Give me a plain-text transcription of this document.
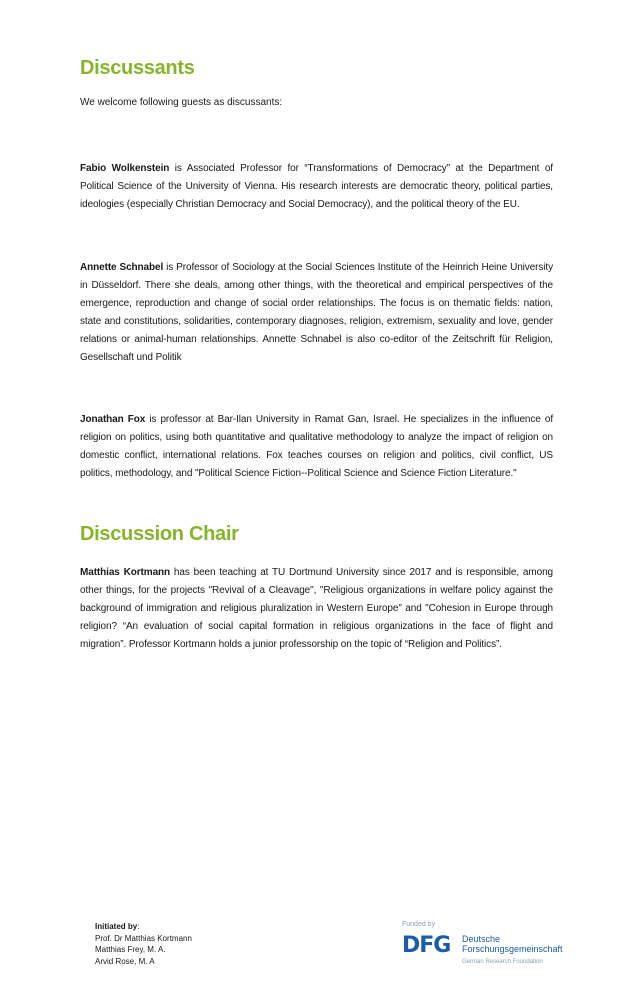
Discussants

We welcome following guests as discussants:

Fabio Wolkenstein is Associated Professor for “Transformations of Democracy” at the Department of Political Science of the University of Vienna. His research interests are democratic theory, political parties, ideologies (especially Christian Democracy and Social Democracy), and the political theory of the EU.

Annette Schnabel is Professor of Sociology at the Social Sciences Institute of the Heinrich Heine University in Düsseldorf. There she deals, among other things, with the theoretical and empirical perspectives of the emergence, reproduction and change of social order relationships. The focus is on thematic fields: nation, state and constitutions, solidarities, contemporary diagnoses, religion, extremism, sexuality and love, gender relations or animal-human relationships. Annette Schnabel is also co-editor of the Zeitschrift für Religion, Gesellschaft und Politik

Jonathan Fox is professor at Bar-Ilan University in Ramat Gan, Israel. He specializes in the influence of religion on politics, using both quantitative and qualitative methodology to analyze the impact of religion on domestic conflict, international relations. Fox teaches courses on religion and politics, civil conflict, US politics, methodology, and "Political Science Fiction--Political Science and Science Fiction Literature."

Discussion Chair

Matthias Kortmann has been teaching at TU Dortmund University since 2017 and is responsible, among other things, for the projects "Revival of a Cleavage", "Religious organizations in welfare policy against the background of immigration and religious pluralization in Western Europe" and "Cohesion in Europe through religion? “An evaluation of social capital formation in religious organizations in the face of flight and migration”. Professor Kortmann holds a junior professorship on the topic of “Religion and Politics”.

Initiated by:
Prof. Dr Matthias Kortmann
Matthias Frey, M. A.
Arvid Rose, M. A
Funded by
DFG Deutsche
Forschungsgemeinschaft
German Research Foundation
